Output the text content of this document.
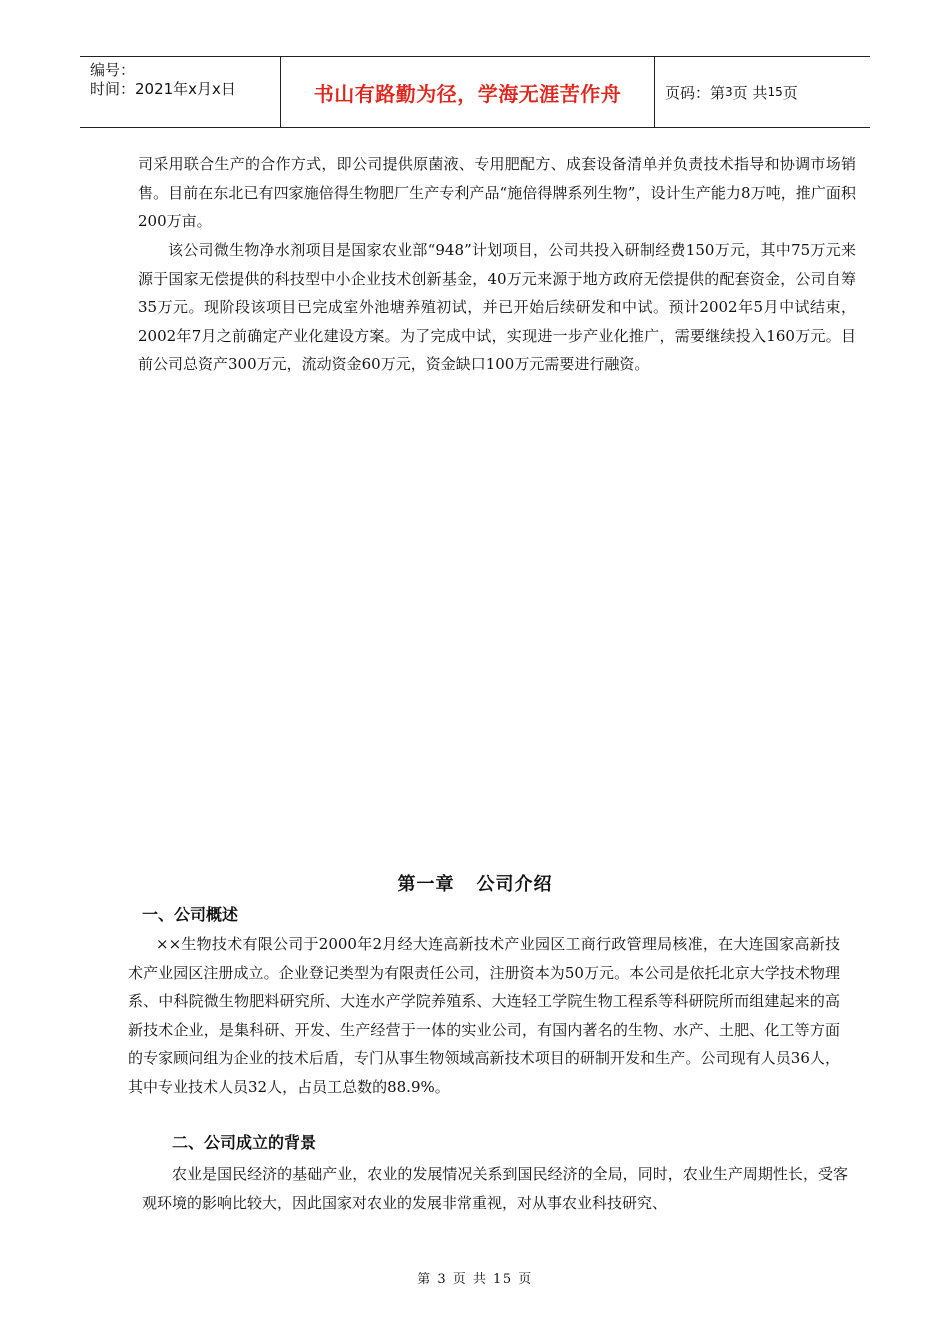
编号：
时间：2021年x月x日	书山有路勤为径，学海无涯苦作舟	页码：第 3 页 共 15 页
司采用联合生产的合作方式，即公司提供原菌液、专用肥配方、成套设备清单并负责技术指导和协调市场销售。目前在东北已有四家施倍得生物肥厂生产专利产品“施倍得牌系列生物”，设计生产能力8万吨，推广面积200万亩。
该公司微生物净水剂项目是国家农业部“948”计划项目，公司共投入研制经费150万元，其中75万元来源于国家无偿提供的科技型中小企业技术创新基金，40万元来源于地方政府无偿提供的配套资金，公司自筹35万元。现阶段该项目已完成室外池塘养殖初试，并已开始后续研发和中试。预计2002年5月中试结束，2002年7月之前确定产业化建设方案。为了完成中试，实现进一步产业化推广，需要继续投入160万元。目前公司总资产300万元，流动资金60万元，资金缺口100万元需要进行融资。
第一章 公司介绍
一、公司概述
××生物技术有限公司于2000年2月经大连高新技术产业园区工商行政管理局核准，在大连国家高新技术产业园区注册成立。企业登记类型为有限责任公司，注册资本为50万元。本公司是依托北京大学技术物理系、中科院微生物肥料研究所、大连水产学院养殖系、大连轻工学院生物工程系等科研院所而组建起来的高新技术企业，是集科研、开发、生产经营于一体的实业公司，有国内著名的生物、水产、土肥、化工等方面的专家顾问组为企业的技术后盾，专门从事生物领域高新技术项目的研制开发和生产。公司现有人员36人，其中专业技术人员32人，占员工总数的88.9%。
二、公司成立的背景
农业是国民经济的基础产业，农业的发展情况关系到国民经济的全局，同时，农业生产周期性长，受客观环境的影响比较大，因此国家对农业的发展非常重视，对从事农业科技研究、
第 3 页 共 15 页
